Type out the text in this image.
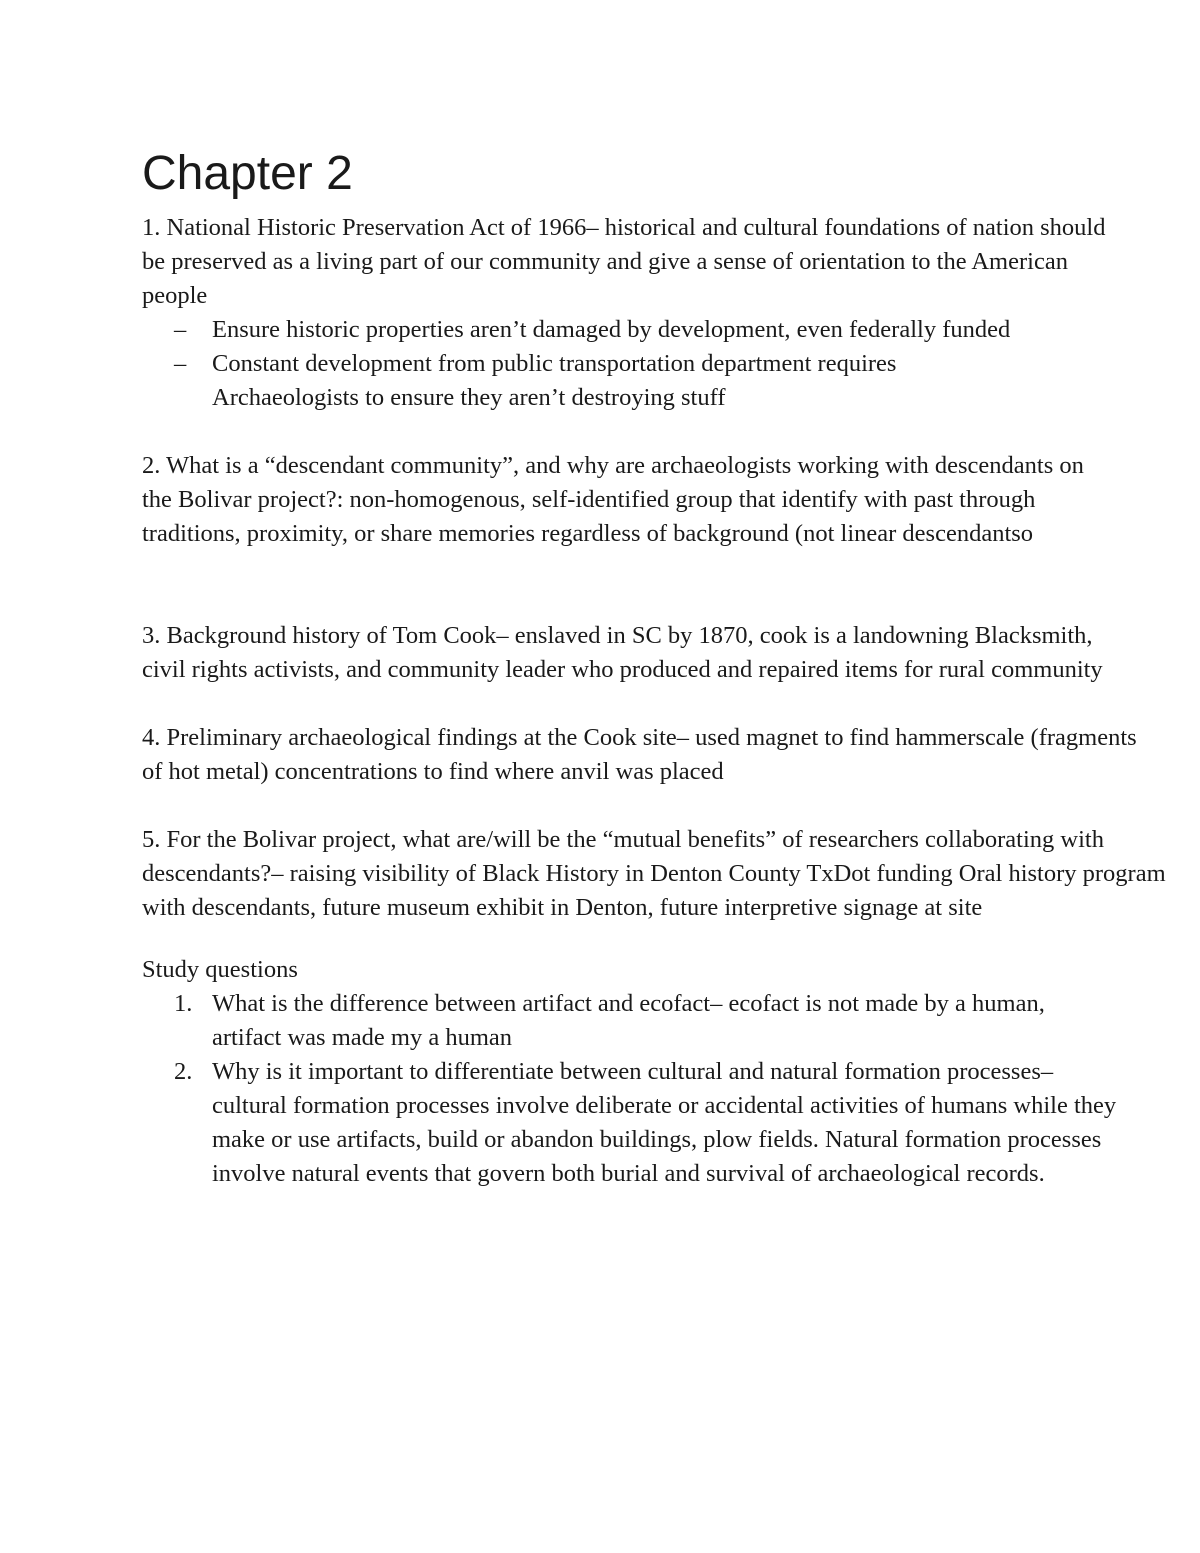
Chapter 2

1. National Historic Preservation Act of 1966– historical and cultural foundations of nation should be preserved as a living part of our community and give a sense of orientation to the American people

– Ensure historic properties aren’t damaged by development, even federally funded
– Constant development from public transportation department requires Archaeologists to ensure they aren’t destroying stuff

2. What is a “descendant community”, and why are archaeologists working with descendants on the Bolivar project?: non-homogenous, self-identified group that identify with past through traditions, proximity, or share memories regardless of background (not linear descendantso

3. Background history of Tom Cook– enslaved in SC by 1870, cook is a landowning Blacksmith, civil rights activists, and community leader who produced and repaired items for rural community

4. Preliminary archaeological findings at the Cook site– used magnet to find hammerscale (fragments of hot metal) concentrations to find where anvil was placed

5. For the Bolivar project, what are/will be the “mutual benefits” of researchers collaborating with descendants?– raising visibility of Black History in Denton County TxDot funding Oral history program with descendants, future museum exhibit in Denton, future interpretive signage at site

Study questions

1. What is the difference between artifact and ecofact– ecofact is not made by a human, artifact was made my a human
2. Why is it important to differentiate between cultural and natural formation processes– cultural formation processes involve deliberate or accidental activities of humans while they make or use artifacts, build or abandon buildings, plow fields. Natural formation processes involve natural events that govern both burial and survival of archaeological records.
